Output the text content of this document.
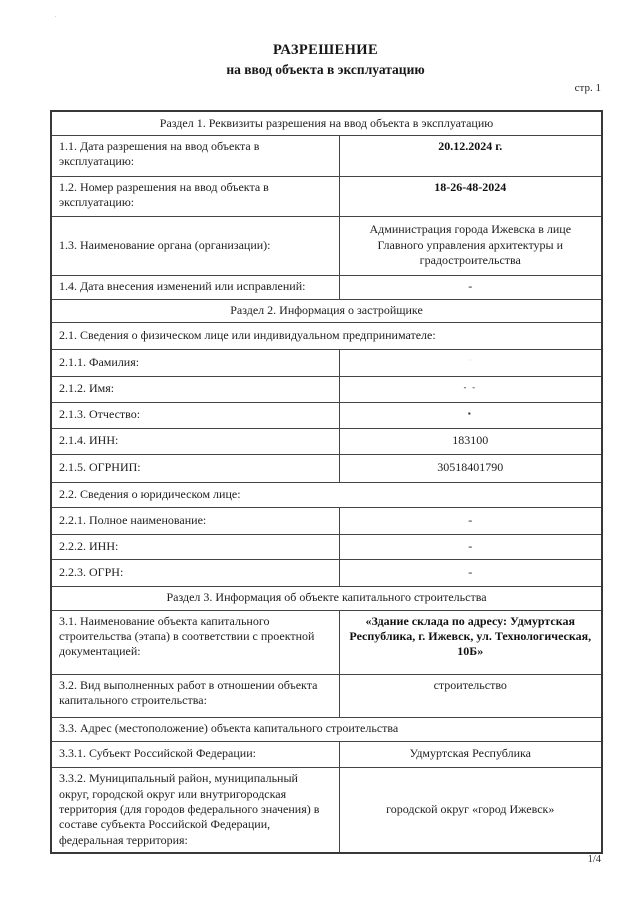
·
РАЗРЕШЕНИЕ
на ввод объекта в эксплуатацию
стр. 1
Раздел 1. Реквизиты разрешения на ввод объекта в эксплуатацию	
1.1. Дата разрешения на ввод объекта в эксплуатацию:	20.12.2024 г.
1.2. Номер разрешения на ввод объекта в эксплуатацию:	18-26-48-2024
1.3. Наименование органа (организации):	Администрация города Ижевска в лице Главного управления архитектуры и градостроительства
1.4. Дата внесения изменений или исправлений:	-
Раздел 2. Информация о застройщике	
2.1. Сведения о физическом лице или индивидуальном предпринимателе:	
2.1.1. Фамилия:	·
2.1.2. Имя:	- -
2.1.3. Отчество:	▪
2.1.4. ИНН:	183100
2.1.5. ОГРНИП:	30518401790
2.2. Сведения о юридическом лице:	
2.2.1. Полное наименование:	-
2.2.2. ИНН:	-
2.2.3. ОГРН:	-
Раздел 3. Информация об объекте капитального строительства	
3.1. Наименование объекта капитального строительства (этапа) в соответствии с проектной документацией:	«Здание склада по адресу: Удмуртская Республика, г. Ижевск, ул. Технологическая, 10Б»
3.2. Вид выполненных работ в отношении объекта капитального строительства:	строительство
3.3. Адрес (местоположение) объекта капитального строительства	
3.3.1. Субъект Российской Федерации:	Удмуртская Республика
3.3.2. Муниципальный район, муниципальный округ, городской округ или внутригородская территория (для городов федерального значения) в составе субъекта Российской Федерации, федеральная территория:	городской округ «город Ижевск»
1/4
